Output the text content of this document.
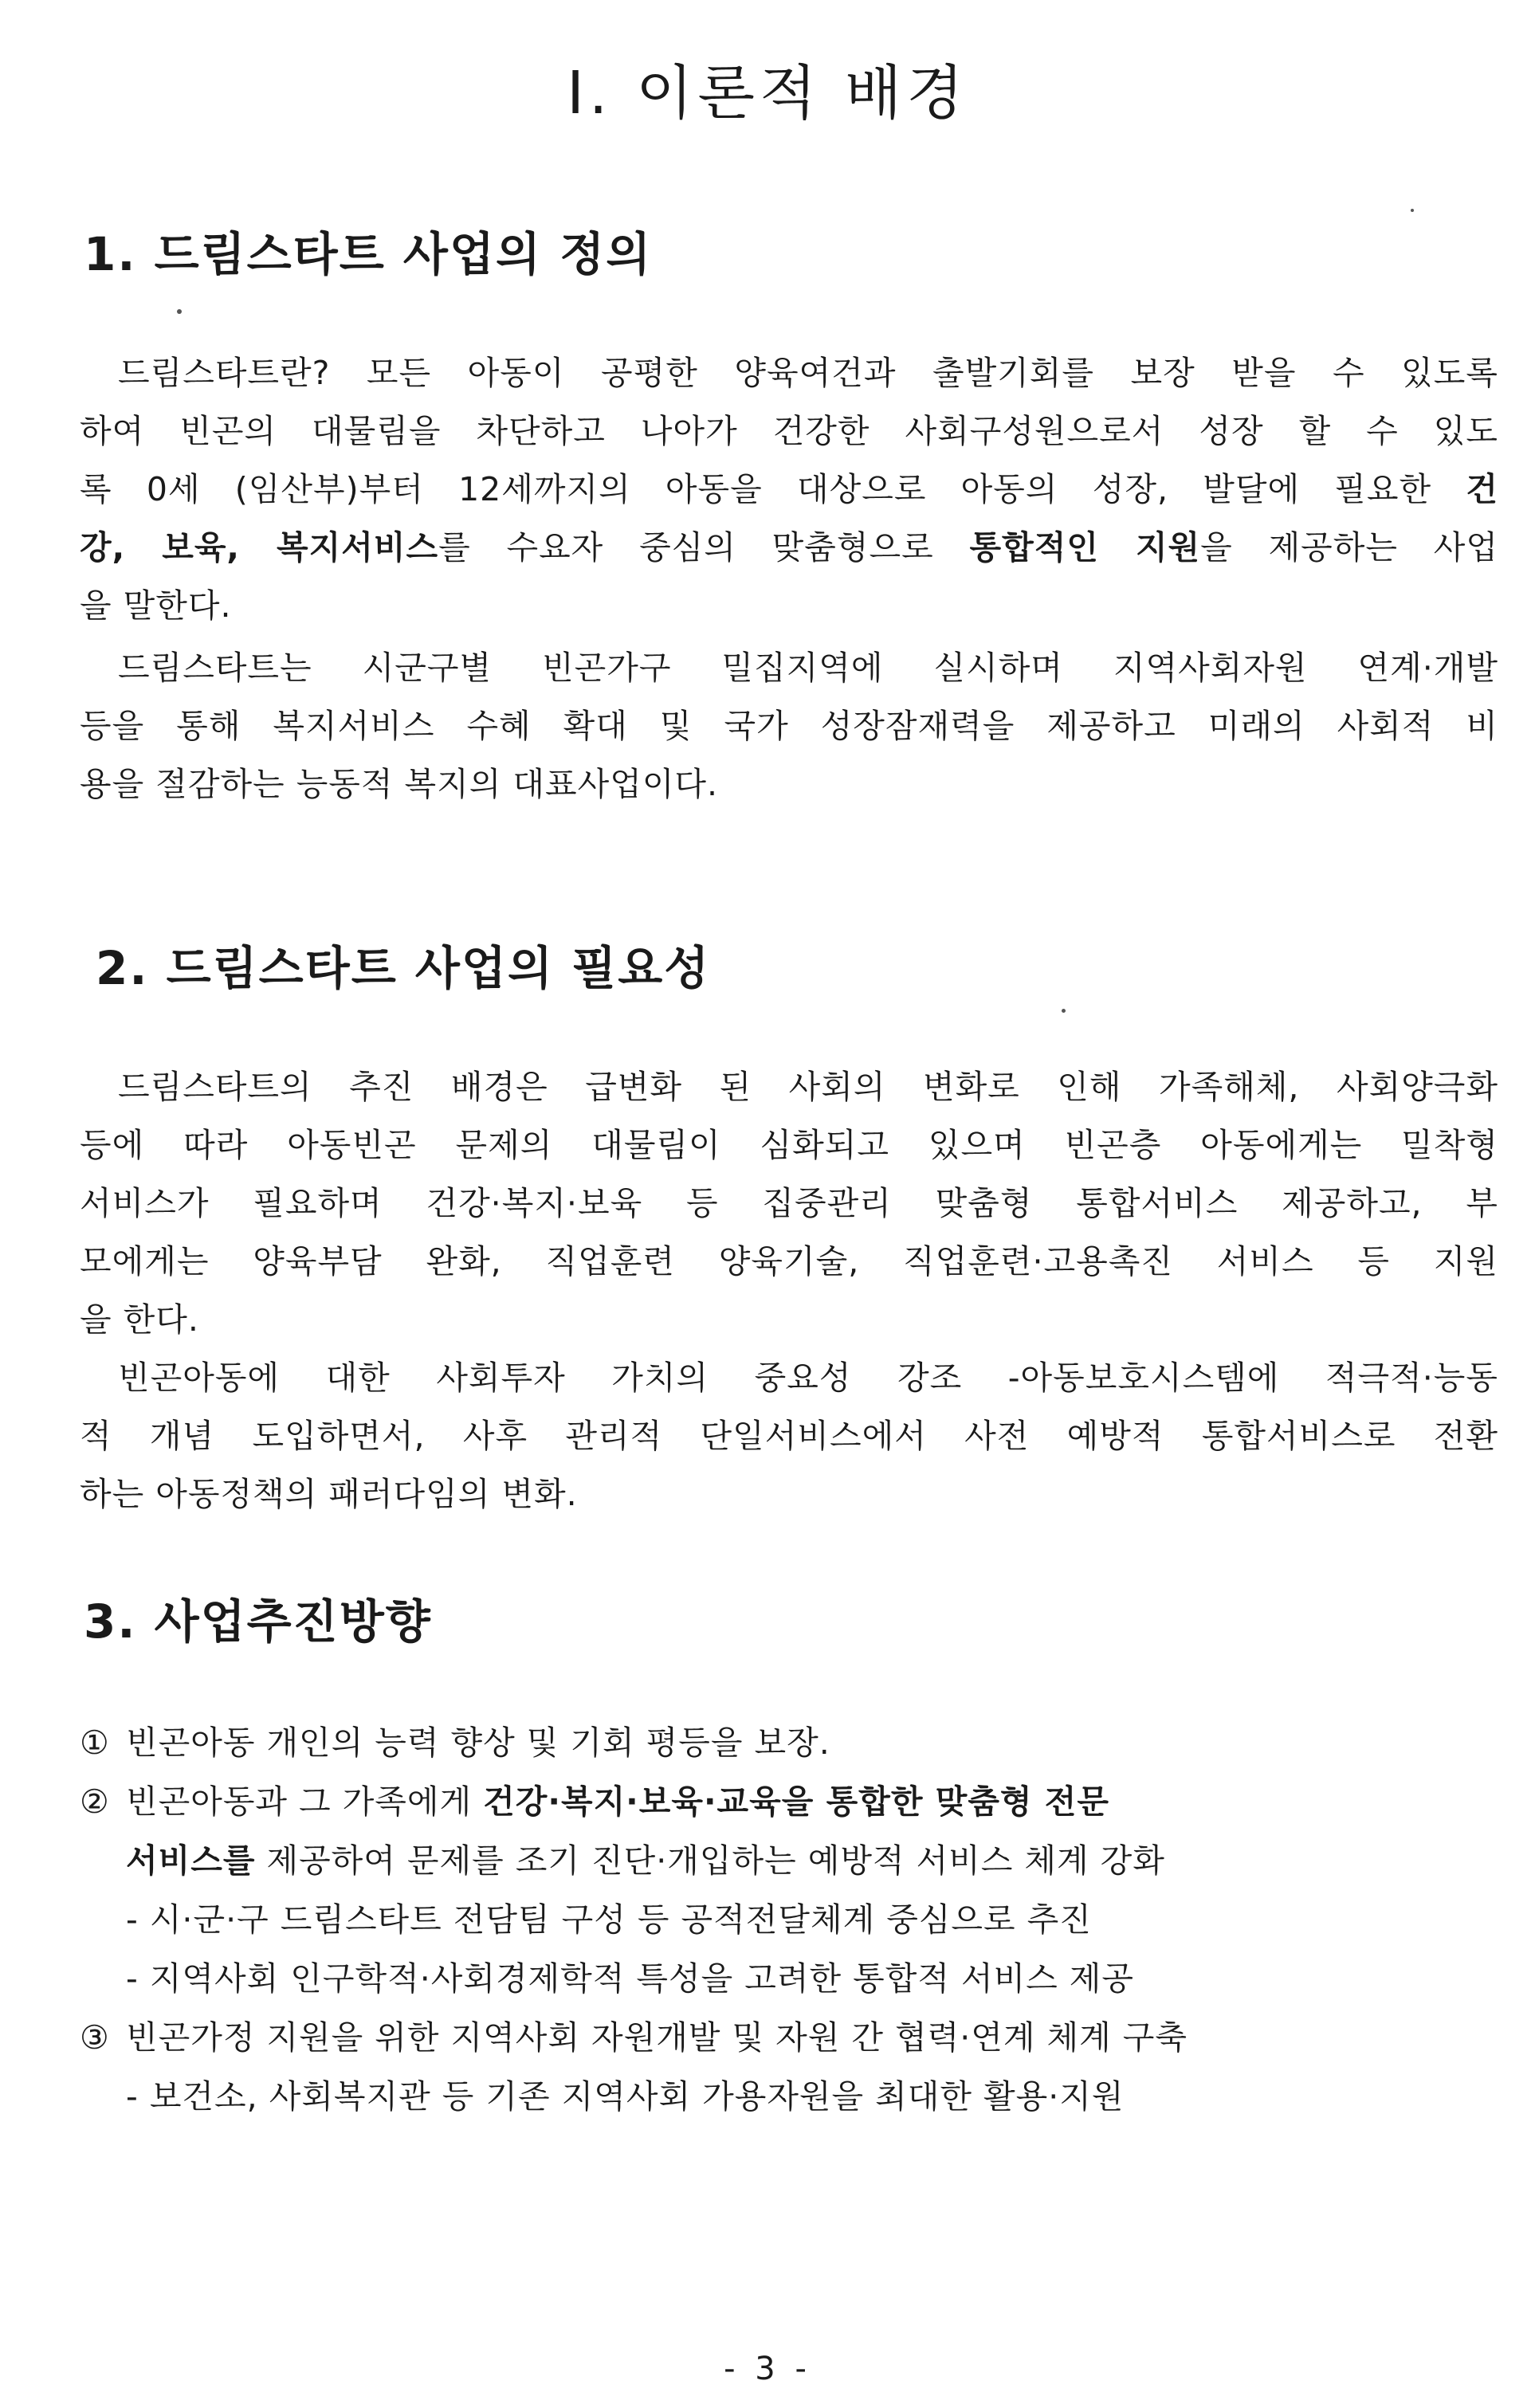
Ⅰ. 이론적 배경
1. 드림스타트 사업의 정의
드림스타트란? 모든 아동이 공평한 양육여건과 출발기회를 보장 받을 수 있도록
하여 빈곤의 대물림을 차단하고 나아가 건강한 사회구성원으로서 성장 할 수 있도
록 0세 (임산부)부터 12세까지의 아동을 대상으로 아동의 성장, 발달에 필요한 건
강, 보육, 복지서비스를 수요자 중심의 맞춤형으로 통합적인 지원을 제공하는 사업
을 말한다.
드림스타트는 시군구별 빈곤가구 밀집지역에 실시하며 지역사회자원 연계·개발
등을 통해 복지서비스 수혜 확대 및 국가 성장잠재력을 제공하고 미래의 사회적 비
용을 절감하는 능동적 복지의 대표사업이다.
2. 드림스타트 사업의 필요성
드림스타트의 추진 배경은 급변화 된 사회의 변화로 인해 가족해체, 사회양극화
등에 따라 아동빈곤 문제의 대물림이 심화되고 있으며 빈곤층 아동에게는 밀착형
서비스가 필요하며 건강·복지·보육 등 집중관리 맞춤형 통합서비스 제공하고, 부
모에게는 양육부담 완화, 직업훈련 양육기술, 직업훈련·고용촉진 서비스 등 지원
을 한다.
빈곤아동에 대한 사회투자 가치의 중요성 강조 -아동보호시스템에 적극적·능동
적 개념 도입하면서, 사후 관리적 단일서비스에서 사전 예방적 통합서비스로 전환
하는 아동정책의 패러다임의 변화.
3. 사업추진방향
① 빈곤아동 개인의 능력 향상 및 기회 평등을 보장.
② 빈곤아동과 그 가족에게 건강·복지·보육·교육을 통합한 맞춤형 전문
서비스를 제공하여 문제를 조기 진단·개입하는 예방적 서비스 체계 강화
- 시·군·구 드림스타트 전담팀 구성 등 공적전달체계 중심으로 추진
- 지역사회 인구학적·사회경제학적 특성을 고려한 통합적 서비스 제공
③ 빈곤가정 지원을 위한 지역사회 자원개발 및 자원 간 협력·연계 체계 구축
- 보건소, 사회복지관 등 기존 지역사회 가용자원을 최대한 활용·지원
- 3 -
